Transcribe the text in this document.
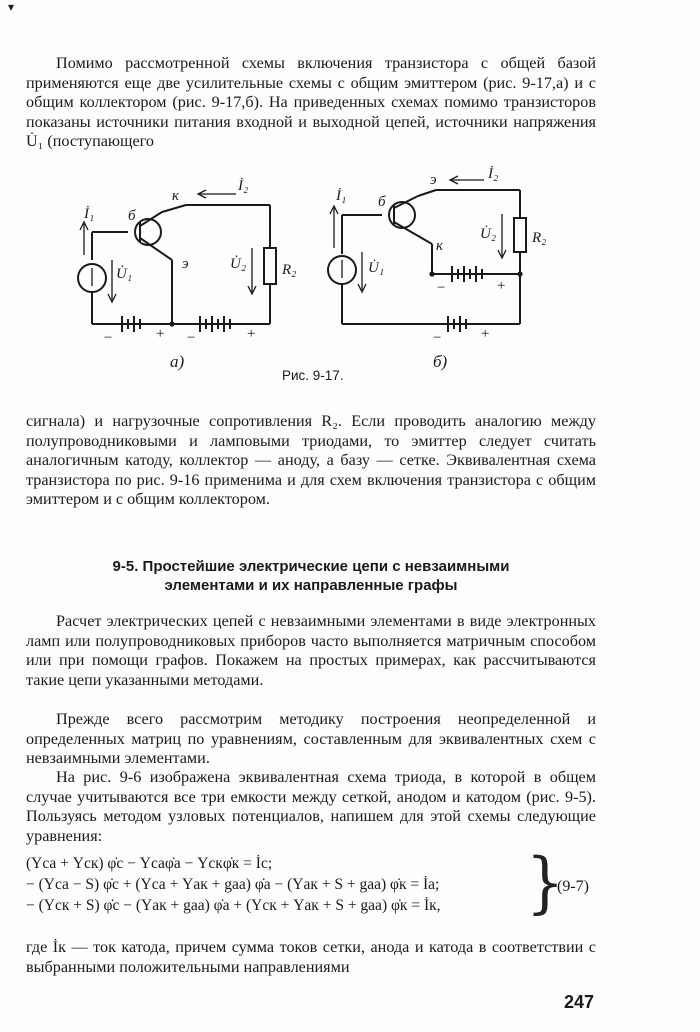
▾

Помимо рассмотренной схемы включения транзистора с общей базой применяются еще две усилительные схемы с общим эмиттером (рис. 9-17,а) и с общим коллектором (рис. 9-17,б). На приведенных схемах помимо транзисторов показаны источники питания входной и выходной цепей, источники напряжения U̇₁ (поступающего

к
б
э
İ₁
İ₂
U̇₁
U̇₂ R₂
−	+ −	+
э
б
к
İ₁
İ₂
U̇₁
U̇₂ R₂
−	+
−	+
а)	б)
Рис. 9-17.

сигнала) и нагрузочные сопротивления R₂. Если проводить аналогию между полупроводниковыми и ламповыми триодами, то эмиттер следует считать аналогичным катоду, коллектор — аноду, а базу — сетке. Эквивалентная схема транзистора по рис. 9-16 применима и для схем включения транзистора с общим эмиттером и с общим коллектором.

9-5. Простейшие электрические цепи с невзаимными
элементами и их направленные графы

Расчет электрических цепей с невзаимными элементами в виде электронных ламп или полупроводниковых приборов часто выполняется матричным способом или при помощи графов. Покажем на простых примерах, как рассчитываются такие цепи указанными методами.

Прежде всего рассмотрим методику построения неопределенной и определенных матриц по уравнениям, составленным для эквивалентных схем с невзаимными элементами.

На рис. 9-6 изображена эквивалентная схема триода, в которой в общем случае учитываются все три емкости между сеткой, анодом и катодом (рис. 9-5). Пользуясь методом узловых потенциалов, напишем для этой схемы следующие уравнения:

(Yса + Yск) φ̇с − Yсаφ̇а − Yскφ̇к = İс;
− (Yса − S) φ̇с + (Yса + Yак + gаа) φ̇а − (Yак + S + gаа) φ̇к = İа;
− (Yск + S) φ̇с − (Yак + gаа) φ̇а + (Yск + Yак + S + gаа) φ̇к = İк,	}
(9-7)

где İк — ток катода, причем сумма токов сетки, анода и катода в соответствии с выбранными положительными направлениями

247
